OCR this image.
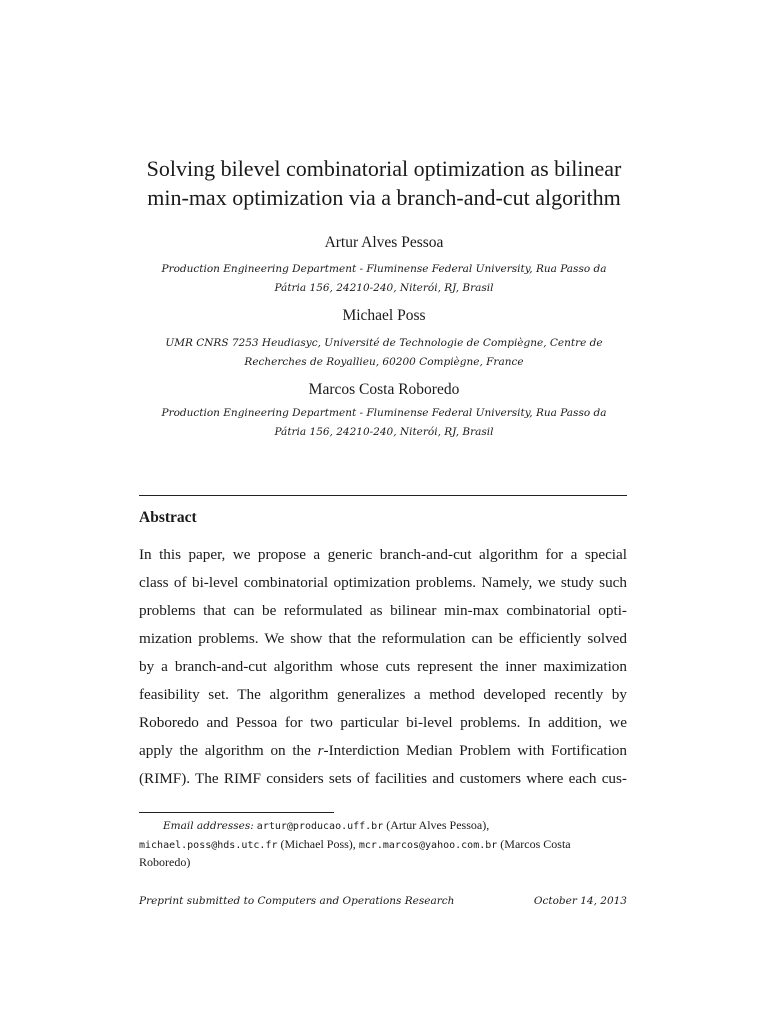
Solving bilevel combinatorial optimization as bilinear
min-max optimization via a branch-and-cut algorithm
Artur Alves Pessoa
Production Engineering Department - Fluminense Federal University, Rua Passo da
Pátria 156, 24210-240, Niterói, RJ, Brasil
Michael Poss
UMR CNRS 7253 Heudiasyc, Université de Technologie de Compiègne, Centre de
Recherches de Royallieu, 60200 Compiègne, France
Marcos Costa Roboredo
Production Engineering Department - Fluminense Federal University, Rua Passo da
Pátria 156, 24210-240, Niterói, RJ, Brasil
Abstract
In this paper, we propose a generic branch-and-cut algorithm for a special
class of bi-level combinatorial optimization problems. Namely, we study such
problems that can be reformulated as bilinear min-max combinatorial opti-
mization problems. We show that the reformulation can be efficiently solved
by a branch-and-cut algorithm whose cuts represent the inner maximization
feasibility set. The algorithm generalizes a method developed recently by
Roboredo and Pessoa for two particular bi-level problems. In addition, we
apply the algorithm on the r-Interdiction Median Problem with Fortification
(RIMF). The RIMF considers sets of facilities and customers where each cus-
Email addresses: artur@producao.uff.br (Artur Alves Pessoa),
michael.poss@hds.utc.fr (Michael Poss), mcr.marcos@yahoo.com.br (Marcos Costa
Roboredo)
Preprint submitted to Computers and Operations Research	October 14, 2013
